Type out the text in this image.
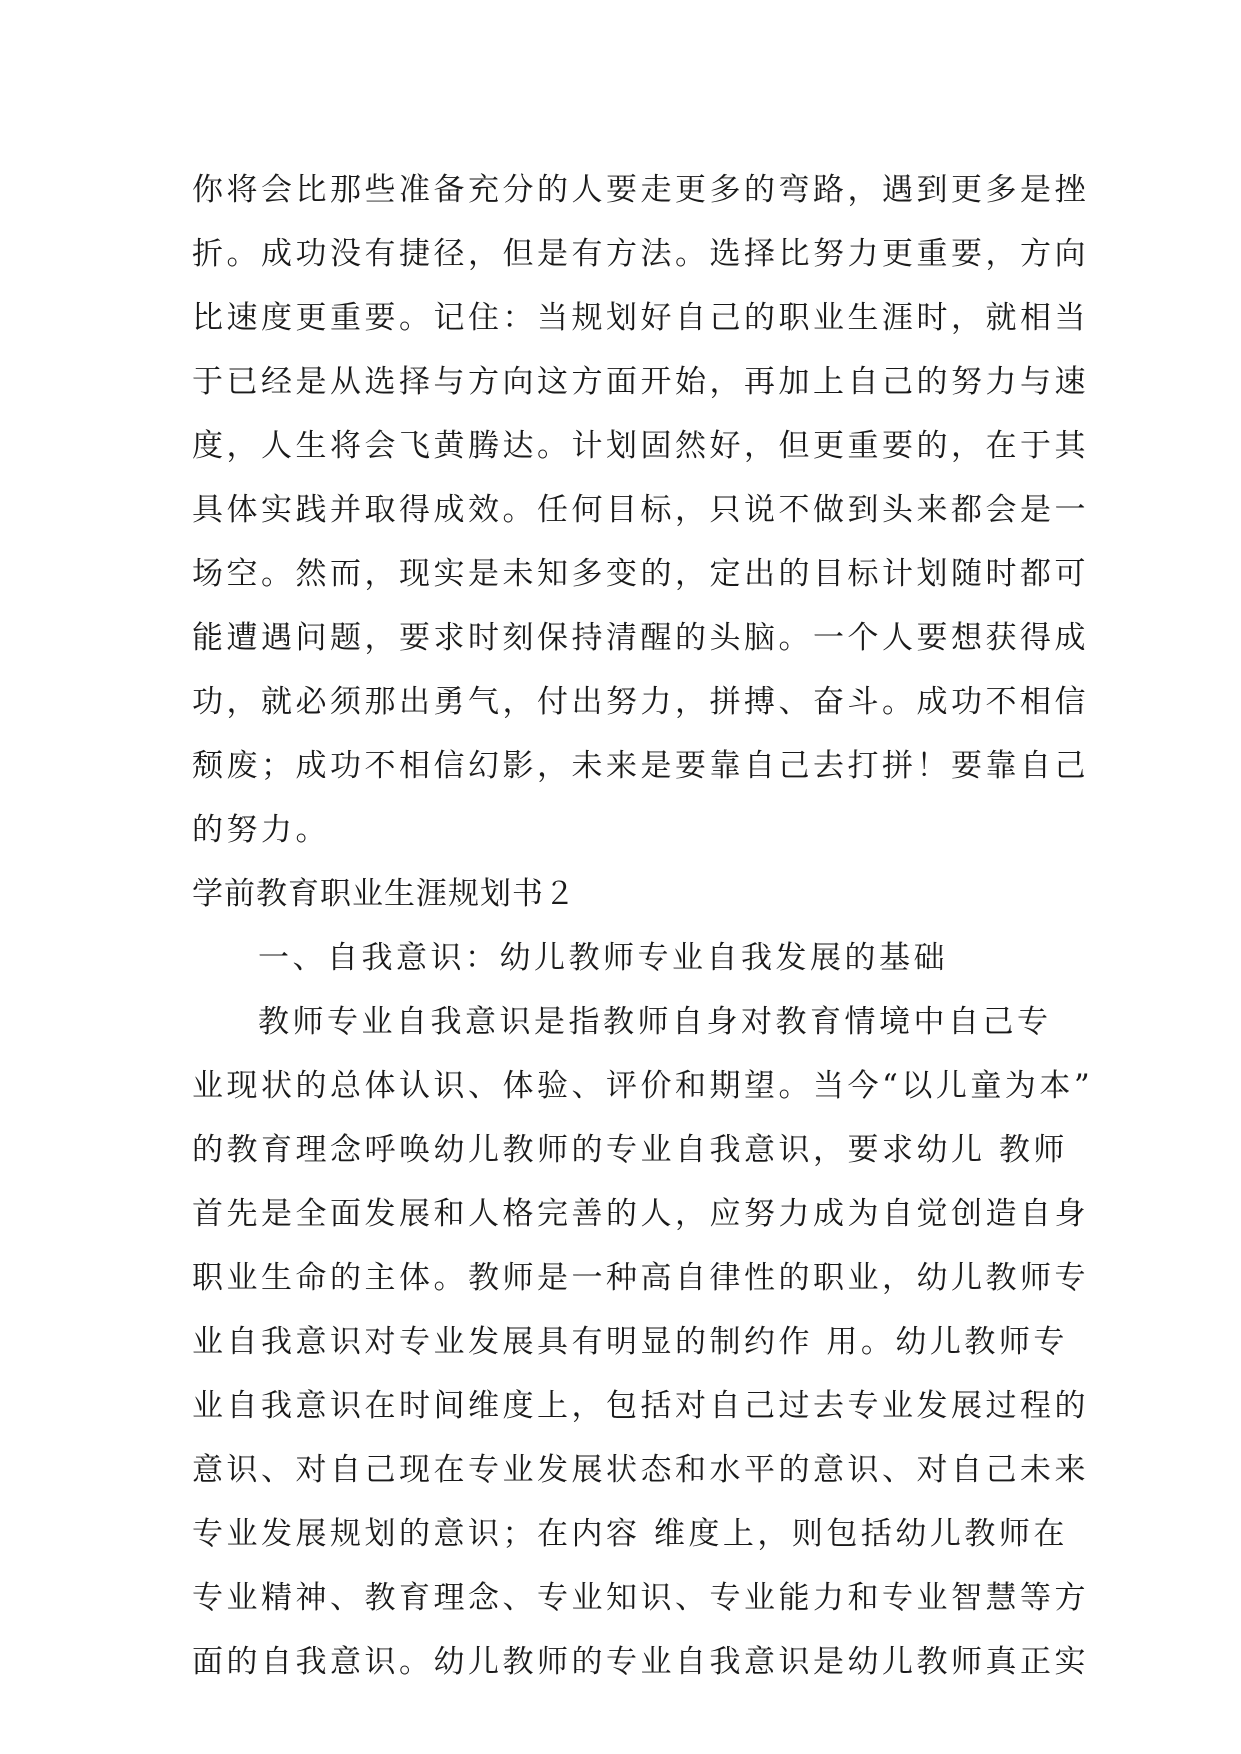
你将会比那些准备充分的人要走更多的弯路，遇到更多是挫
折。成功没有捷径，但是有方法。选择比努力更重要，方向
比速度更重要。记住：当规划好自己的职业生涯时，就相当
于已经是从选择与方向这方面开始，再加上自己的努力与速
度，人生将会飞黄腾达。计划固然好，但更重要的，在于其
具体实践并取得成效。任何目标，只说不做到头来都会是一
场空。然而，现实是未知多变的，定出的目标计划随时都可
能遭遇问题，要求时刻保持清醒的头脑。一个人要想获得成
功，就必须那出勇气，付出努力，拼搏、奋斗。成功不相信
颓废；成功不相信幻影，未来是要靠自己去打拼！要靠自己
的努力。
学前教育职业生涯规划书２
一、自我意识：幼儿教师专业自我发展的基础
教师专业自我意识是指教师自身对教育情境中自己专
业现状的总体认识、体验、评价和期望。当今“以儿童为本”
的教育理念呼唤幼儿教师的专业自我意识，要求幼儿 教师
首先是全面发展和人格完善的人，应努力成为自觉创造自身
职业生命的主体。教师是一种高自律性的职业，幼儿教师专
业自我意识对专业发展具有明显的制约作 用。幼儿教师专
业自我意识在时间维度上，包括对自己过去专业发展过程的
意识、对自己现在专业发展状态和水平的意识、对自己未来
专业发展规划的意识；在内容 维度上，则包括幼儿教师在
专业精神、教育理念、专业知识、专业能力和专业智慧等方
面的自我意识。幼儿教师的专业自我意识是幼儿教师真正实
